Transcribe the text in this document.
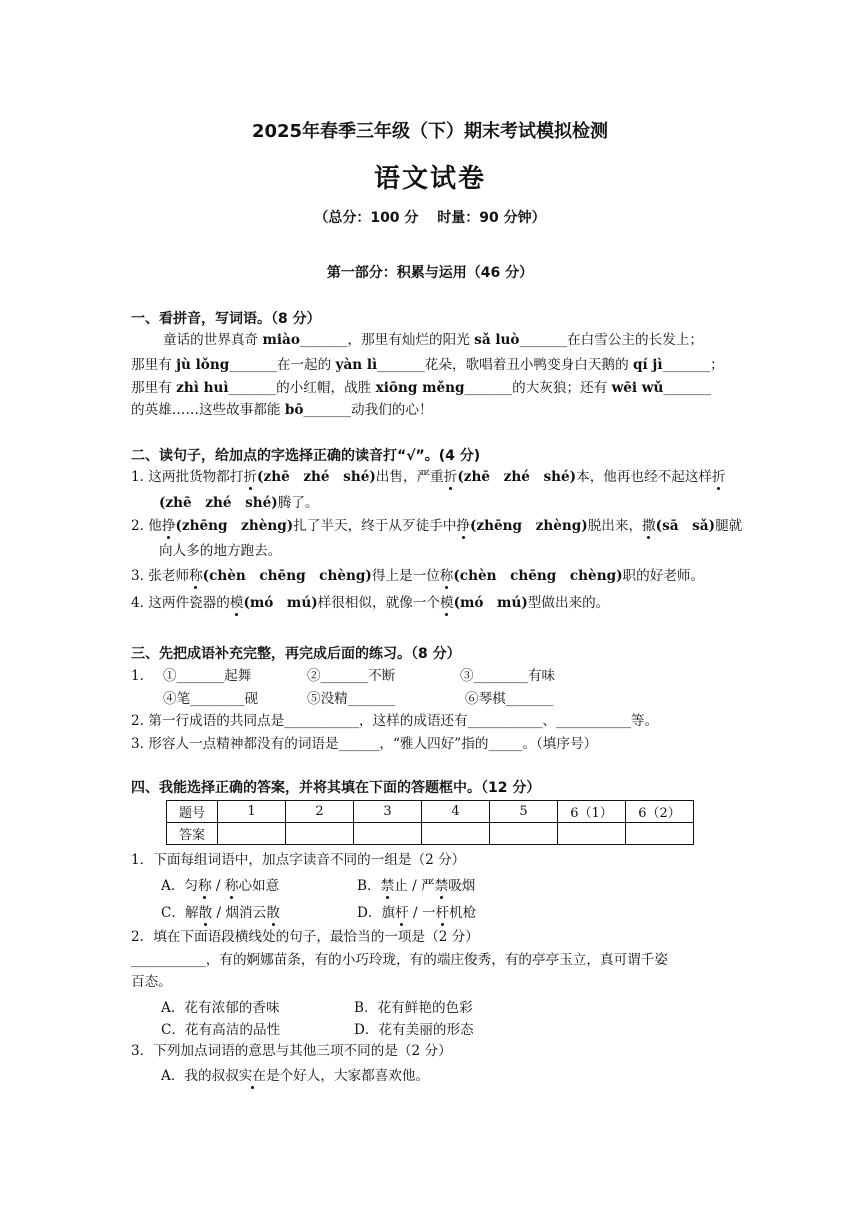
2025年春季三年级（下）期末考试模拟检测
语文试卷
（总分：100 分　 时量：90 分钟）
第一部分：积累与运用（46 分）
一、看拼音，写词语。（8 分）
童话的世界真奇 miào_______，那里有灿烂的阳光 sǎ luò_______在白雪公主的长发上；
那里有 jù lǒng_______在一起的 yàn lì_______花朵，歌唱着丑小鸭变身白天鹅的 qí jì_______；
那里有 zhì huì_______的小红帽，战胜 xiōng měng_______的大灰狼；还有 wēi wǔ_______
的英雄……这些故事都能 bō_______动我们的心！
二、读句子，给加点的字选择正确的读音打“√”。(4 分)
1. 这两批货物都打折(zhē　zhé　shé)出售，严重折(zhē　zhé　shé)本，他再也经不起这样折
(zhē　zhé　shé)腾了。
2. 他挣(zhēng　zhèng)扎了半天，终于从歹徒手中挣(zhēng　zhèng)脱出来，撒(sā　sǎ)腿就
向人多的地方跑去。
3. 张老师称(chèn　chēng　chèng)得上是一位称(chèn　chēng　chèng)职的好老师。
4. 这两件瓷器的模(mó　mú)样很相似，就像一个模(mó　mú)型做出来的。
三、先把成语补充完整，再完成后面的练习。（8 分）
1. ①_______起舞	②_______不断	③________有味
④笔________砚	⑤没精_______	⑥琴棋_______
2. 第一行成语的共同点是___________，这样的成语还有___________、___________等。
3. 形容人一点精神都没有的词语是______，“雅人四好”指的_____。（填序号）
四、我能选择正确的答案，并将其填在下面的答题框中。（12 分）
题号	1	2	3	4	5	6（1）	6（2）
答案							
1．下面每组词语中，加点字读音不同的一组是（2 分）
A．匀称 / 称心如意	B．禁止 / 严禁吸烟
C．解散 / 烟消云散	D．旗杆 / 一杆机枪
2．填在下面语段横线处的句子，最恰当的一项是（2 分）
___________，有的婀娜苗条，有的小巧玲珑，有的端庄俊秀，有的亭亭玉立，真可谓千姿
百态。
A．花有浓郁的香味	B．花有鲜艳的色彩
C．花有高洁的品性	D．花有美丽的形态
3．下列加点词语的意思与其他三项不同的是（2 分）
A．我的叔叔实在是个好人，大家都喜欢他。
